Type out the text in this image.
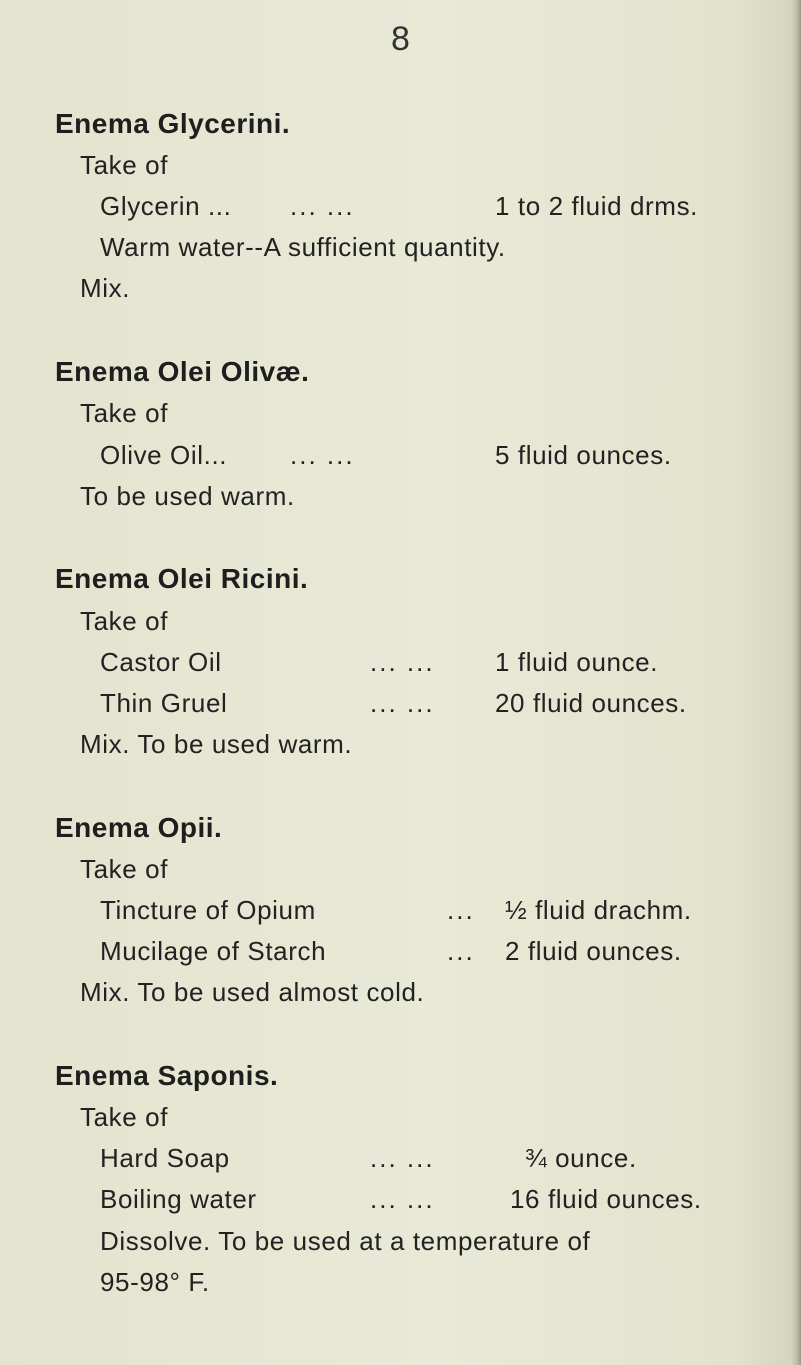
8
Enema Glycerini.
Take of
Glycerin ... ... ...	1 to 2 fluid drms.
Warm water--A sufficient quantity.
Mix.
Enema Olei Olivæ.
Take of
Olive Oil... ... ...	5 fluid ounces.
To be used warm.
Enema Olei Ricini.
Take of
Castor Oil	... ... 1 fluid ounce.
Thin Gruel	... ... 20 fluid ounces.
Mix. To be used warm.
Enema Opii.
Take of
Tincture of Opium	... ½ fluid drachm.
Mucilage of Starch	... 2 fluid ounces.
Mix. To be used almost cold.
Enema Saponis.
Take of
Hard Soap	... ...	¾ ounce.
Boiling water	... ...	16 fluid ounces.
Dissolve. To be used at a temperature of
95-98° F.
